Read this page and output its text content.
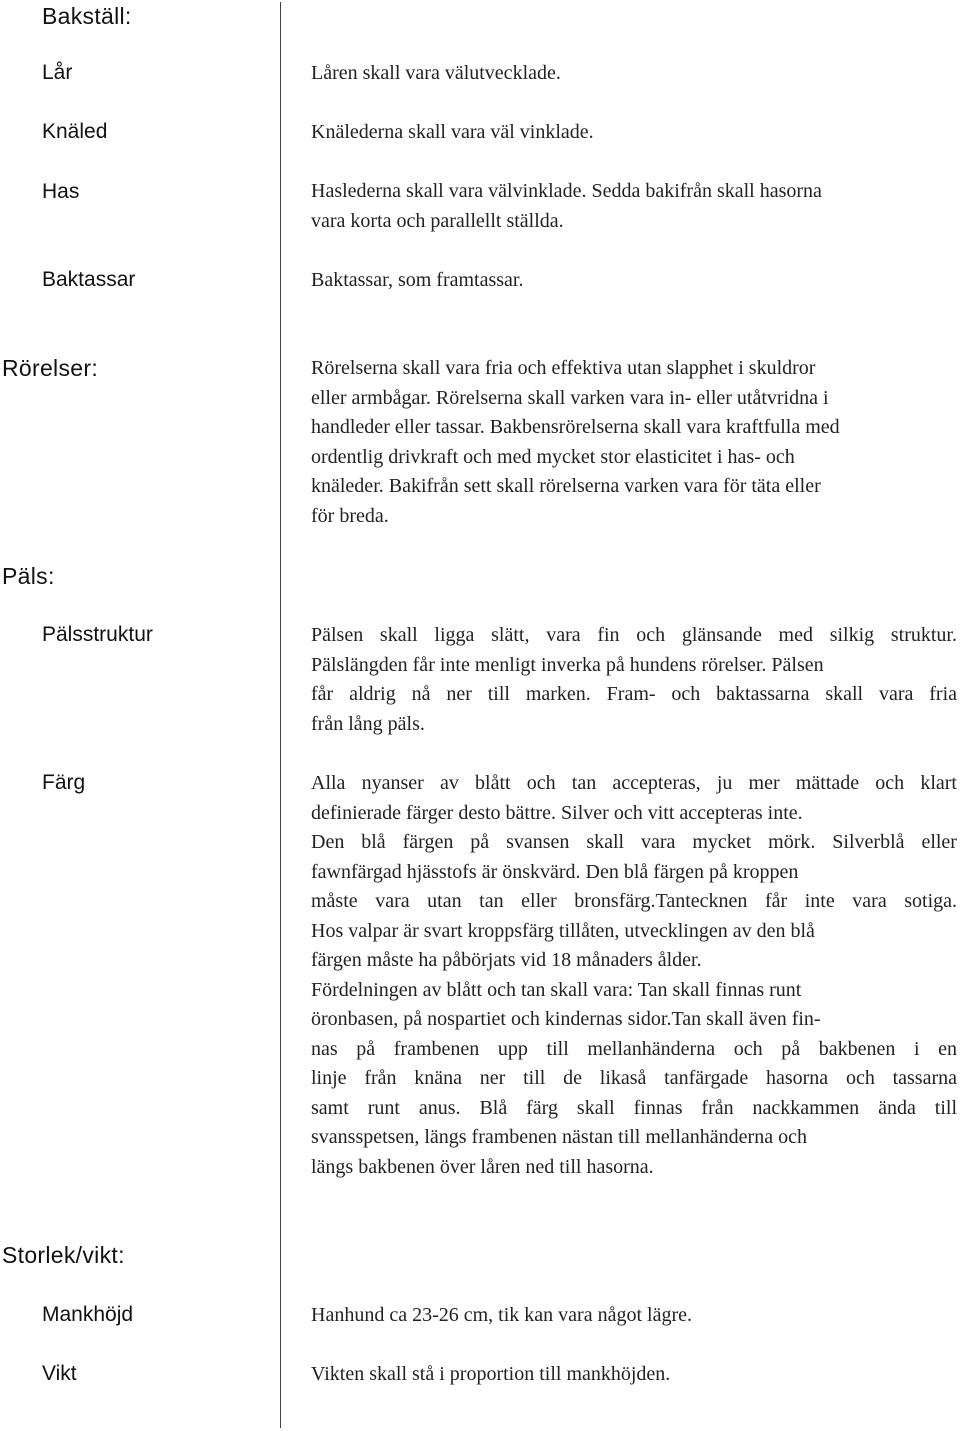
Bakställ:
Lår	Låren skall vara välutvecklade.
Knäled	Knälederna skall vara väl vinklade.
Has	Haslederna skall vara välvinklade. Sedda bakifrån skall hasorna
vara korta och parallellt ställda.
Baktassar	Baktassar, som framtassar.
Rörelser:	Rörelserna skall vara fria och effektiva utan slapphet i skuldror
eller armbågar. Rörelserna skall varken vara in- eller utåtvridna i
handleder eller tassar. Bakbensrörelserna skall vara kraftfulla med
ordentlig drivkraft och med mycket stor elasticitet i has- och
knäleder. Bakifrån sett skall rörelserna varken vara för täta eller
för breda.
Päls:
Pälsstruktur	Pälsen skall ligga slätt, vara fin och glänsande med silkig struktur.
Pälslängden får inte menligt inverka på hundens rörelser. Pälsen
får aldrig nå ner till marken. Fram- och baktassarna skall vara fria
från lång päls.
Färg	Alla nyanser av blått och tan accepteras, ju mer mättade och klart
definierade färger desto bättre. Silver och vitt accepteras inte.
Den blå färgen på svansen skall vara mycket mörk. Silverblå eller
fawnfärgad hjässtofs är önskvärd. Den blå färgen på kroppen
måste vara utan tan eller bronsfärg.Tantecknen får inte vara sotiga.
Hos valpar är svart kroppsfärg tillåten, utvecklingen av den blå
färgen måste ha påbörjats vid 18 månaders ålder.
Fördelningen av blått och tan skall vara: Tan skall finnas runt
öronbasen, på nospartiet och kindernas sidor.Tan skall även fin-
nas på frambenen upp till mellanhänderna och på bakbenen i en
linje från knäna ner till de likaså tanfärgade hasorna och tassarna
samt runt anus. Blå färg skall finnas från nackkammen ända till
svansspetsen, längs frambenen nästan till mellanhänderna och
längs bakbenen över låren ned till hasorna.
Storlek/vikt:
Mankhöjd	Hanhund ca 23-26 cm, tik kan vara något lägre.
Vikt	Vikten skall stå i proportion till mankhöjden.
